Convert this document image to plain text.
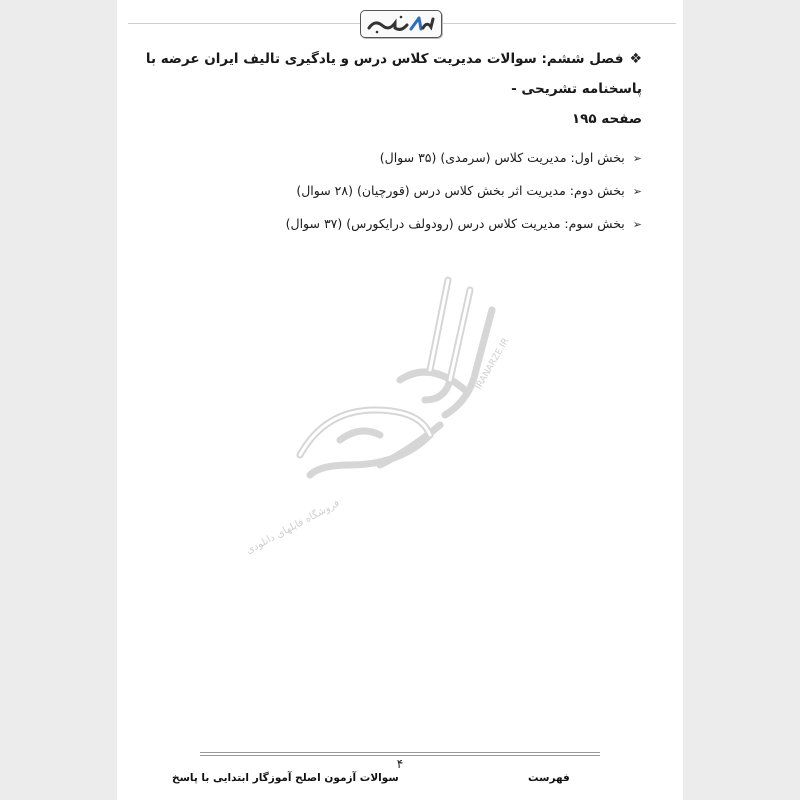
❖فصل ششم: سوالات مدیریت کلاس درس و یادگیری تالیف ایران عرضه با پاسخنامه تشریحی -
صفحه ۱۹۵
➢بخش اول: مدیریت کلاس (سرمدی) (۳۵ سوال)
➢بخش دوم: مدیریت اثر بخش کلاس درس (قورچیان) (۲۸ سوال)
➢بخش سوم: مدیریت کلاس درس (رودولف درایکورس) (۳۷ سوال)
IRANARZE.IR
فروشگاه فایلهای دانلودی
۴
سوالات آزمون اصلح آموزگار ابتدایی با پاسخ	فهرست
